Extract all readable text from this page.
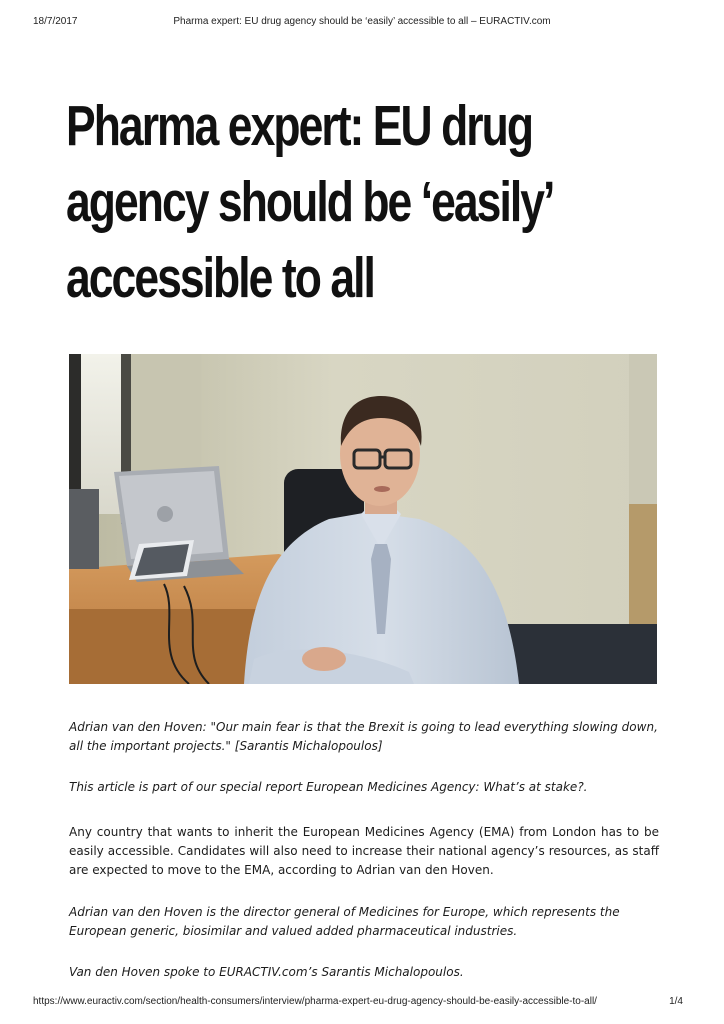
18/7/2017	Pharma expert: EU drug agency should be ‘easily’ accessible to all – EURACTIV.com
Pharma expert: EU drug
agency should be ‘easily’
accessible to all

Adrian van den Hoven: "Our main fear is that the Brexit is going to lead everything slowing down, all the important projects." [Sarantis Michalopoulos]

This article is part of our special report European Medicines Agency: What’s at stake?.

Any country that wants to inherit the European Medicines Agency (EMA) from London has to be easily accessible. Candidates will also need to increase their national agency’s resources, as staff are expected to move to the EMA, according to Adrian van den Hoven.

Adrian van den Hoven is the director general of Medicines for Europe, which represents the European generic, biosimilar and valued added pharmaceutical industries.

Van den Hoven spoke to EURACTIV.com’s Sarantis Michalopoulos.

https://www.euractiv.com/section/health-consumers/interview/pharma-expert-eu-drug-agency-should-be-easily-accessible-to-all/	1/4
